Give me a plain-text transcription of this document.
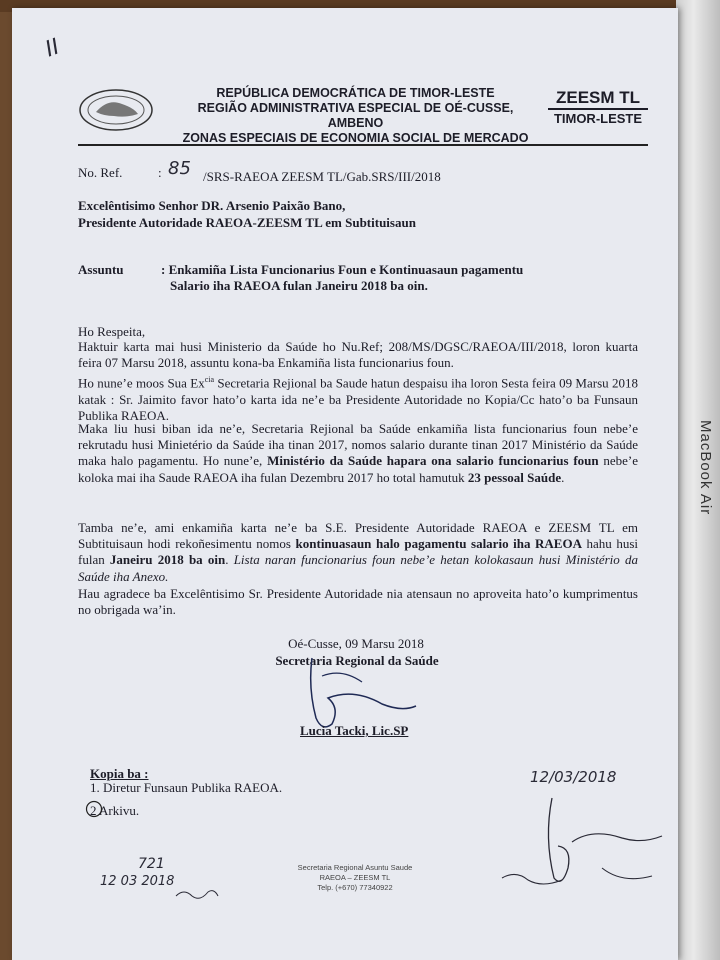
MacBook Air
II
REPÚBLICA DEMOCRÁTICA DE TIMOR-LESTE
REGIÃO ADMINISTRATIVA ESPECIAL DE OÉ-CUSSE, AMBENO
ZONAS ESPECIAIS DE ECONOMIA SOCIAL DE MERCADO
ZEESM TL
TIMOR-LESTE
No. Ref.	: 85 /SRS-RAEOA ZEESM TL/Gab.SRS/III/2018
Excelêntisimo Senhor DR. Arsenio Paixão Bano,
Presidente Autoridade RAEOA-ZEESM TL em Subtituisaun
Assuntu	: Enkamiña Lista Funcionarius Foun e Kontinuasaun pagamentu
Salario iha RAEOA fulan Janeiru 2018 ba oin.
Ho Respeita,
Haktuir karta mai husi Ministerio da Saúde ho Nu.Ref; 208/MS/DGSC/RAEOA/III/2018, loron kuarta feira 07 Marsu 2018, assuntu kona-ba Enkamiña lista funcionarius foun.
Ho nune’e moos Sua $Ex^{cia}$ Secretaria Rejional ba Saude hatun despaisu iha loron Sesta feira 09 Marsu 2018 katak : Sr. Jaimito favor hato’o karta ida ne’e ba Presidente Autoridade no Kopia/Cc hato’o ba Funsaun Publika RAEOA.
Maka liu husi biban ida ne’e, Secretaria Rejional ba Saúde enkamiña lista funcionarius foun nebe’e rekrutadu husi Minietério da Saúde iha tinan 2017, nomos salario durante tinan 2017 Ministério da Saúde maka halo pagamentu. Ho nune’e, Ministério da Saúde hapara ona salario funcionarius foun nebe’e koloka mai iha Saude RAEOA iha fulan Dezembru 2017 ho total hamutuk 23 pessoal Saúde.
Tamba ne’e, ami enkamiña karta ne’e ba S.E. Presidente Autoridade RAEOA e ZEESM TL em Subtituisaun hodi rekoñesimentu nomos kontinuasaun halo pagamentu salario iha RAEOA hahu husi fulan Janeiru 2018 ba oin. Lista naran funcionarius foun nebe’e hetan kolokasaun husi Ministério da Saúde iha Anexo.
Hau agradece ba Excelêntisimo Sr. Presidente Autoridade nia atensaun no aproveita hato’o kumprimentus no obrigada wa’in.
Oé-Cusse, 09 Marsu 2018
Secretaria Regional da Saúde
Lucia Tacki, Lic.SP
Kopia ba :
1. Diretur Funsaun Publika RAEOA.
2 Arkivu.
12/03/2018
721
12 03 2018
Secretaria Regional Asuntu Saude
RAEOA – ZEESM TL
Telp. (+670) 77340922
